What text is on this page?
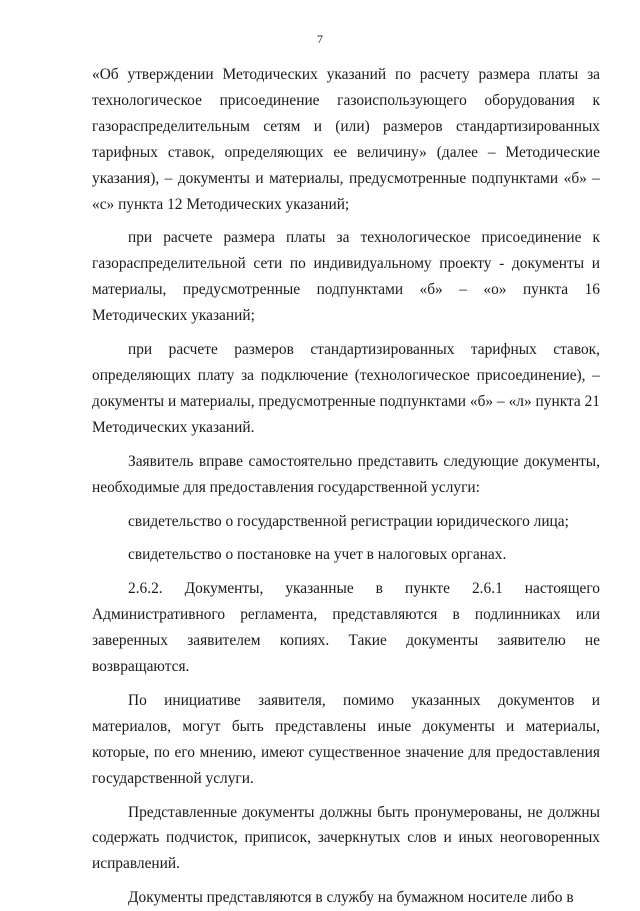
7

«Об утверждении Методических указаний по расчету размера платы за технологическое присоединение газоиспользующего оборудования к газораспределительным сетям и (или) размеров стандартизированных тарифных ставок, определяющих ее величину» (далее – Методические указания), – документы и материалы, предусмотренные подпунктами «б» – «с» пункта 12 Методических указаний;

при расчете размера платы за технологическое присоединение к газораспределительной сети по индивидуальному проекту - документы и материалы, предусмотренные подпунктами «б» – «о» пункта 16 Методических указаний;

при расчете размеров стандартизированных тарифных ставок, определяющих плату за подключение (технологическое присоединение), – документы и материалы, предусмотренные подпунктами «б» – «л» пункта 21 Методических указаний.

Заявитель вправе самостоятельно представить следующие документы, необходимые для предоставления государственной услуги:

свидетельство о государственной регистрации юридического лица;

свидетельство о постановке на учет в налоговых органах.

2.6.2. Документы, указанные в пункте 2.6.1 настоящего Административного регламента, представляются в подлинниках или заверенных заявителем копиях. Такие документы заявителю не возвращаются.

По инициативе заявителя, помимо указанных документов и материалов, могут быть представлены иные документы и материалы, которые, по его мнению, имеют существенное значение для предоставления государственной услуги.

Представленные документы должны быть пронумерованы, не должны содержать подчисток, приписок, зачеркнутых слов и иных неоговоренных исправлений.

Документы представляются в службу на бумажном носителе либо в
